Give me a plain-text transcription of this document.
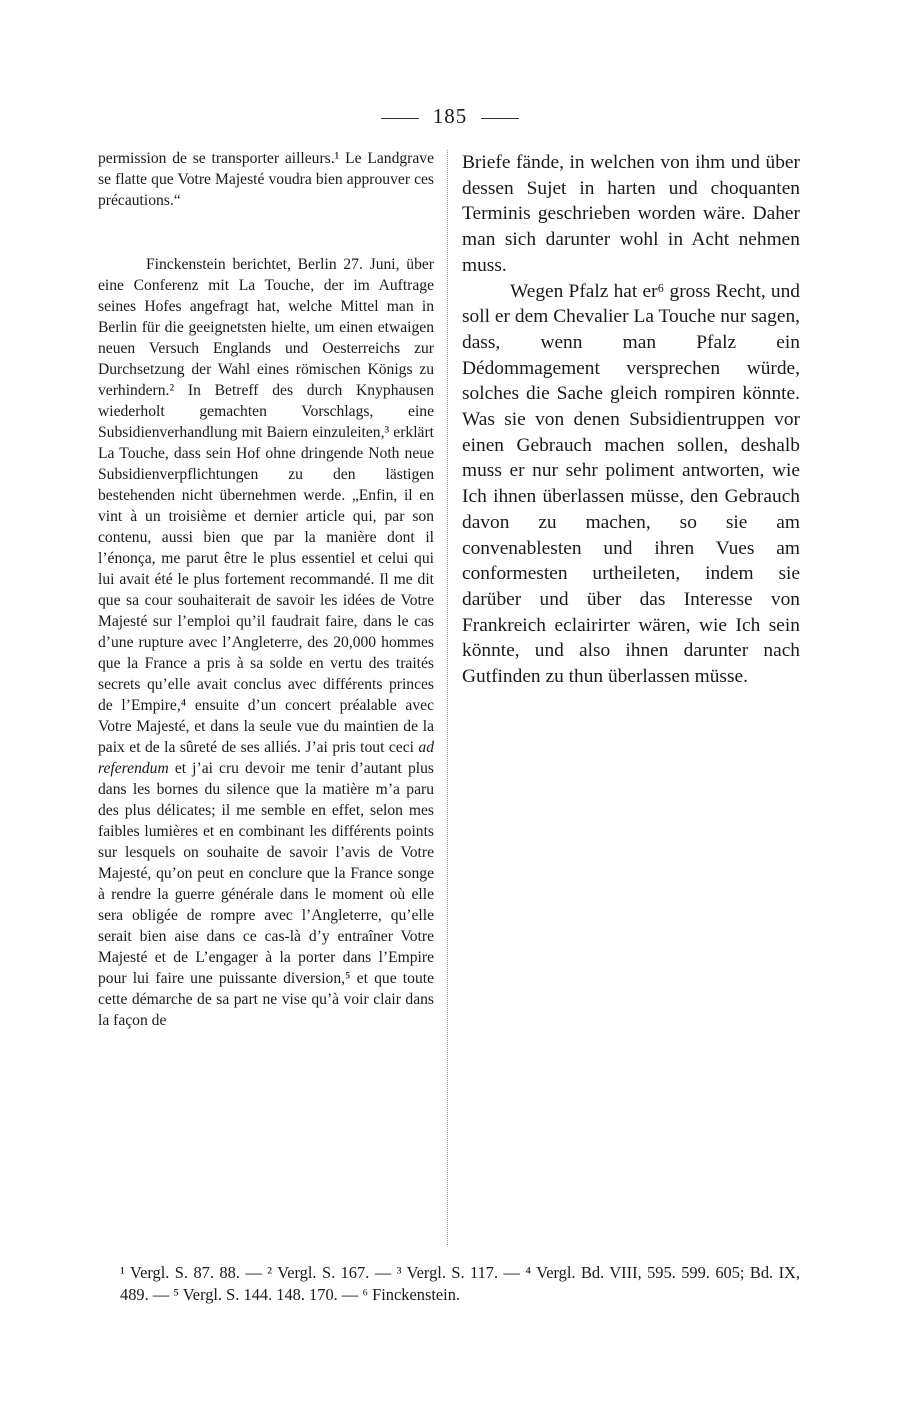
185

permission de se transporter ailleurs.¹ Le Landgrave se flatte que Votre Majesté voudra bien approuver ces précautions.“

Finckenstein berichtet, Berlin 27. Juni, über eine Conferenz mit La Touche, der im Auftrage seines Hofes angefragt hat, welche Mittel man in Berlin für die geeignetsten hielte, um einen etwaigen neuen Versuch Englands und Oesterreichs zur Durchsetzung der Wahl eines römischen Königs zu verhindern.² In Betreff des durch Knyphausen wiederholt gemachten Vorschlags, eine Subsidienverhandlung mit Baiern einzuleiten,³ erklärt La Touche, dass sein Hof ohne dringende Noth neue Subsidienverpflichtungen zu den lästigen bestehenden nicht übernehmen werde. „Enfin, il en vint à un troisième et dernier article qui, par son contenu, aussi bien que par la manière dont il l’énonça, me parut être le plus essentiel et celui qui lui avait été le plus fortement recommandé. Il me dit que sa cour souhaiterait de savoir les idées de Votre Majesté sur l’emploi qu’il faudrait faire, dans le cas d’une rupture avec l’Angleterre, des 20,000 hommes que la France a pris à sa solde en vertu des traités secrets qu’elle avait conclus avec différents princes de l’Empire,⁴ ensuite d’un concert préalable avec Votre Majesté, et dans la seule vue du maintien de la paix et de la sûreté de ses alliés. J’ai pris tout ceci ad referendum et j’ai cru devoir me tenir d’autant plus dans les bornes du silence que la matière m’a paru des plus délicates; il me semble en effet, selon mes faibles lumières et en combinant les différents points sur lesquels on souhaite de savoir l’avis de Votre Majesté, qu’on peut en conclure que la France songe à rendre la guerre générale dans le moment où elle sera obligée de rompre avec l’Angleterre, qu’elle serait bien aise dans ce cas-là d’y entraîner Votre Majesté et de L’engager à la porter dans l’Empire pour lui faire une puissante diversion,⁵ et que toute cette démarche de sa part ne vise qu’à voir clair dans la façon de

Briefe fände, in welchen von ihm und über dessen Sujet in harten und choquanten Terminis geschrieben worden wäre. Daher man sich darunter wohl in Acht nehmen muss.

Wegen Pfalz hat er⁶ gross Recht, und soll er dem Chevalier La Touche nur sagen, dass, wenn man Pfalz ein Dédommagement versprechen würde, solches die Sache gleich rompiren könnte. Was sie von denen Subsidientruppen vor einen Gebrauch machen sollen, deshalb muss er nur sehr poliment antworten, wie Ich ihnen überlassen müsse, den Gebrauch davon zu machen, so sie am convenablesten und ihren Vues am conformesten urtheileten, indem sie darüber und über das Interesse von Frankreich eclairirter wären, wie Ich sein könnte, und also ihnen darunter nach Gutfinden zu thun überlassen müsse.

¹ Vergl. S. 87. 88. — ² Vergl. S. 167. — ³ Vergl. S. 117. — ⁴ Vergl. Bd. VIII, 595. 599. 605; Bd. IX, 489. — ⁵ Vergl. S. 144. 148. 170. — ⁶ Finckenstein.
